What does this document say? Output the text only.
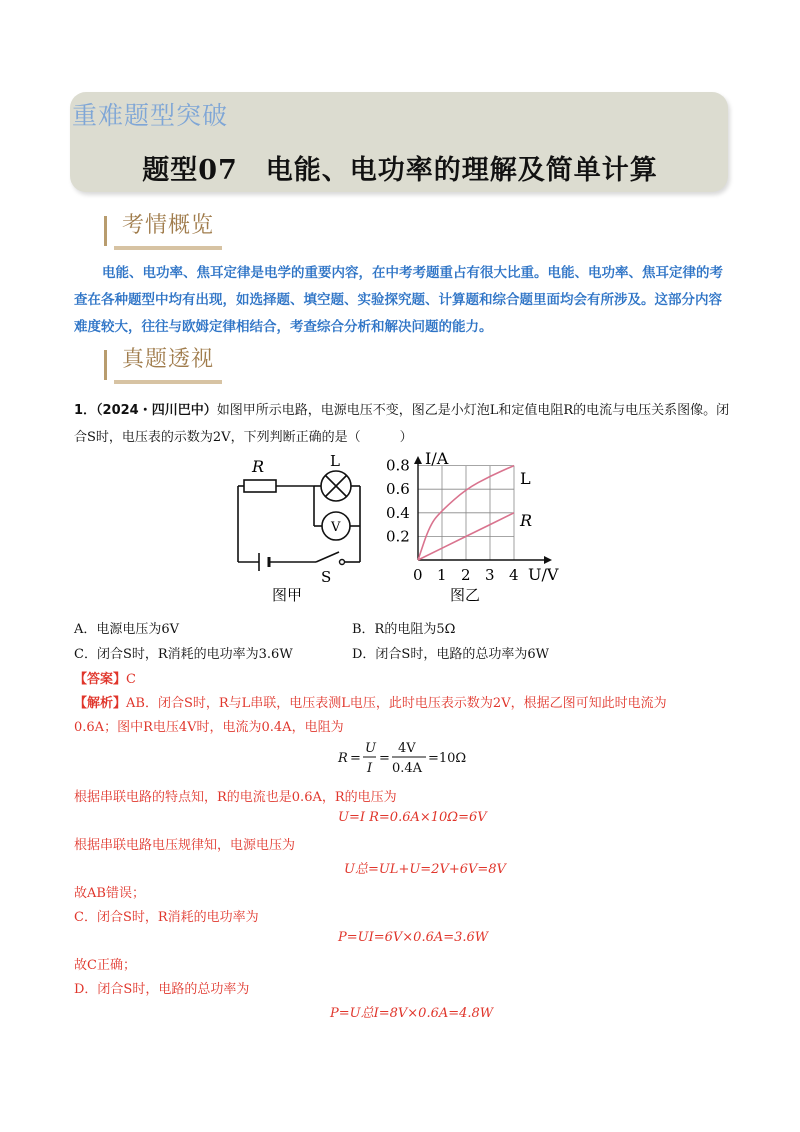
重难题型突破
题型07　电能、电功率的理解及简单计算
考情概览
电能、电功率、焦耳定律是电学的重要内容，在中考考题重占有很大比重。电能、电功率、焦耳定律的考查在各种题型中均有出现，如选择题、填空题、实验探究题、计算题和综合题里面均会有所涉及。这部分内容难度较大，往往与欧姆定律相结合，考查综合分析和解决问题的能力。
真题透视
1．（2024・四川巴中）如图甲所示电路，电源电压不变，图乙是小灯泡L和定值电阻R的电流与电压关系图像。闭合S时，电压表的示数为2V，下列判断正确的是（　　　）
R	L
V
S
图甲
0.8
0.6
0.4
0.2
0 1 2 3 4
I/A
U/V
L
R
图乙
A．电源电压为6V	B．R的电阻为5Ω
C．闭合S时，R消耗的电功率为3.6W	D．闭合S时，电路的总功率为6W
【答案】C
【解析】AB．闭合S时，R与L串联，电压表测L电压，此时电压表示数为2V，根据乙图可知此时电流为
0.6A；图中R电压4V时，电流为0.4A，电阻为
R =
U
I
=
4V
0.4A
=10Ω
根据串联电路的特点知，R的电流也是0.6A，R的电压为
U=I R=0.6A×10Ω=6V
根据串联电路电压规律知，电源电压为
U总=UL+U=2V+6V=8V
故AB错误；
C．闭合S时，R消耗的电功率为
P=UI=6V×0.6A=3.6W
故C正确；
D．闭合S时，电路的总功率为
P=U总I=8V×0.6A=4.8W
